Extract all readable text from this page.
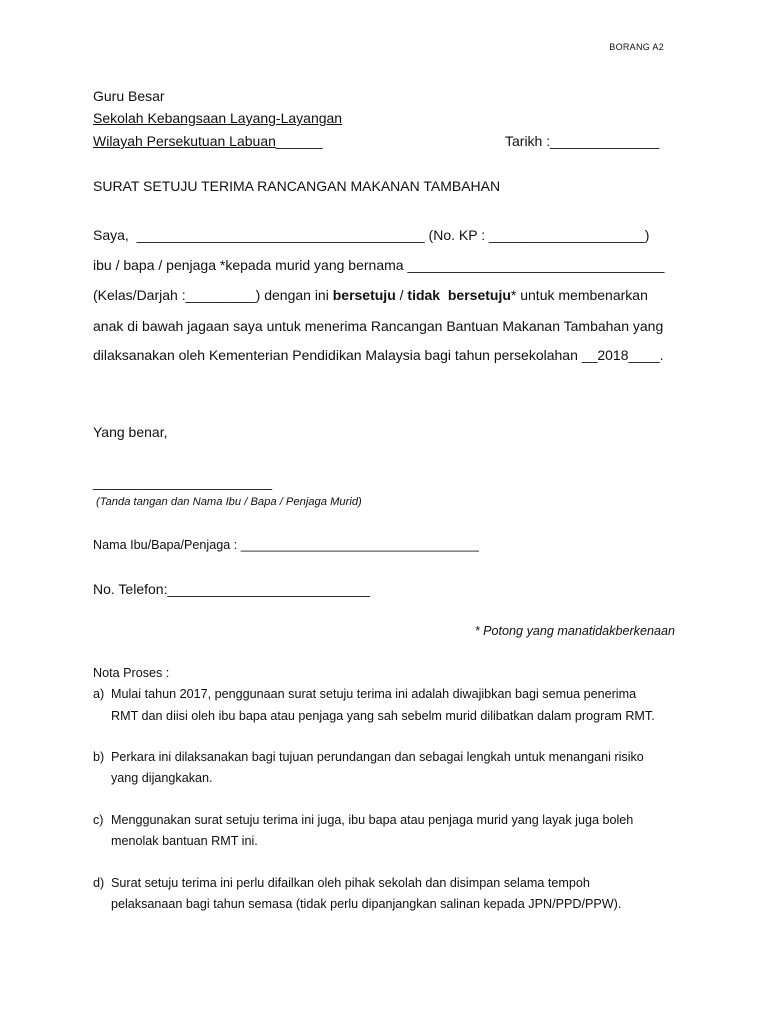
BORANG A2
Guru Besar
Sekolah Kebangsaan Layang-Layangan
Wilayah Persekutuan Labuan______	Tarikh :______________
SURAT SETUJU TERIMA RANCANGAN MAKANAN TAMBAHAN
Saya,  _____________________________________ (No. KP : ____________________)
ibu / bapa / penjaga *kepada murid yang bernama _________________________________
(Kelas/Darjah :_________) dengan ini bersetuju / tidak  bersetuju* untuk membenarkan
anak di bawah jagaan saya untuk menerima Rancangan Bantuan Makanan Tambahan yang
dilaksanakan oleh Kementerian Pendidikan Malaysia bagi tahun persekolahan __2018____.
Yang benar,
_______________________
(Tanda tangan dan Nama Ibu / Bapa / Penjaga Murid)
Nama Ibu/Bapa/Penjaga : __________________________________
No. Telefon:__________________________
* Potong yang manatidakberkenaan
Nota Proses :
a) Mulai tahun 2017, penggunaan surat setuju terima ini adalah diwajibkan bagi semua penerima
RMT dan diisi oleh ibu bapa atau penjaga yang sah sebelm murid dilibatkan dalam program RMT.
b) Perkara ini dilaksanakan bagi tujuan perundangan dan sebagai lengkah untuk menangani risiko
yang dijangkakan.
c) Menggunakan surat setuju terima ini juga, ibu bapa atau penjaga murid yang layak juga boleh
menolak bantuan RMT ini.
d) Surat setuju terima ini perlu difailkan oleh pihak sekolah dan disimpan selama tempoh
pelaksanaan bagi tahun semasa (tidak perlu dipanjangkan salinan kepada JPN/PPD/PPW).
